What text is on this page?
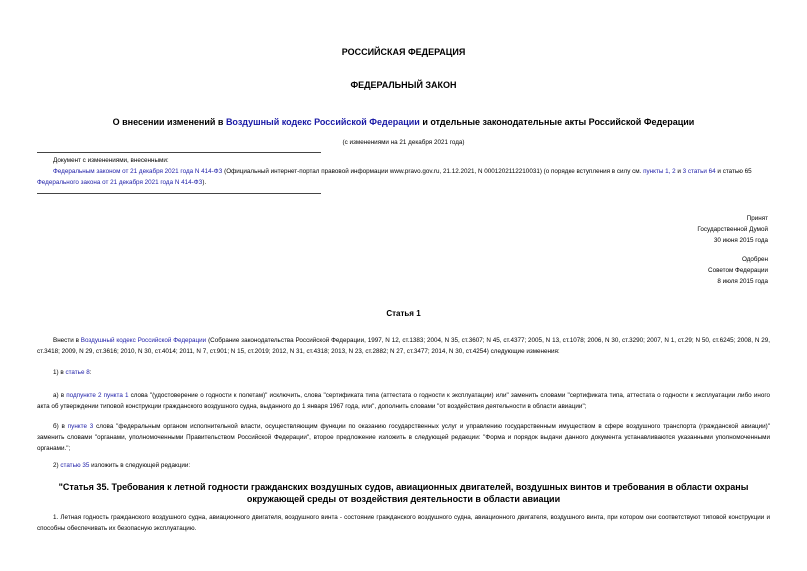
РОССИЙСКАЯ ФЕДЕРАЦИЯ
ФЕДЕРАЛЬНЫЙ ЗАКОН
О внесении изменений в Воздушный кодекс Российской Федерации и отдельные законодательные акты Российской Федерации
(с изменениями на 21 декабря 2021 года)
Документ с изменениями, внесенными:
Федеральным законом от 21 декабря 2021 года N 414-ФЗ (Официальный интернет-портал правовой информации www.pravo.gov.ru, 21.12.2021, N 0001202112210031) (о порядке вступления в силу см. пункты 1, 2 и 3 статьи 64 и статью 65 Федерального закона от 21 декабря 2021 года N 414-ФЗ).
Принят
Государственной Думой
30 июня 2015 года
Одобрен
Советом Федерации
8 июля 2015 года
Статья 1
Внести в Воздушный кодекс Российской Федерации (Собрание законодательства Российской Федерации, 1997, N 12, ст.1383; 2004, N 35, ст.3607; N 45, ст.4377; 2005, N 13, ст.1078; 2006, N 30, ст.3290; 2007, N 1, ст.29; N 50, ст.6245; 2008, N 29, ст.3418; 2009, N 29, ст.3616; 2010, N 30, ст.4014; 2011, N 7, ст.901; N 15, ст.2019; 2012, N 31, ст.4318; 2013, N 23, ст.2882; N 27, ст.3477; 2014, N 30, ст.4254) следующие изменения:
1) в статье 8:
а) в подпункте 2 пункта 1 слова "(удостоверение о годности к полетам)" исключить, слова "сертификата типа (аттестата о годности к эксплуатации) или" заменить словами "сертификата типа, аттестата о годности к эксплуатации либо иного акта об утверждении типовой конструкции гражданского воздушного судна, выданного до 1 января 1967 года, или", дополнить словами "от воздействия деятельности в области авиации";
б) в пункте 3 слова "федеральным органом исполнительной власти, осуществляющим функции по оказанию государственных услуг и управлению государственным имуществом в сфере воздушного транспорта (гражданской авиации)" заменить словами "органами, уполномоченными Правительством Российской Федерации", второе предложение изложить в следующей редакции: "Форма и порядок выдачи данного документа устанавливаются указанными уполномоченными органами.";
2) статью 35 изложить в следующей редакции:
"Статья 35. Требования к летной годности гражданских воздушных судов, авиационных двигателей, воздушных винтов и требования в области охраны окружающей среды от воздействия деятельности в области авиации
1. Летная годность гражданского воздушного судна, авиационного двигателя, воздушного винта - состояние гражданского воздушного судна, авиационного двигателя, воздушного винта, при котором они соответствуют типовой конструкции и способны обеспечивать их безопасную эксплуатацию.
